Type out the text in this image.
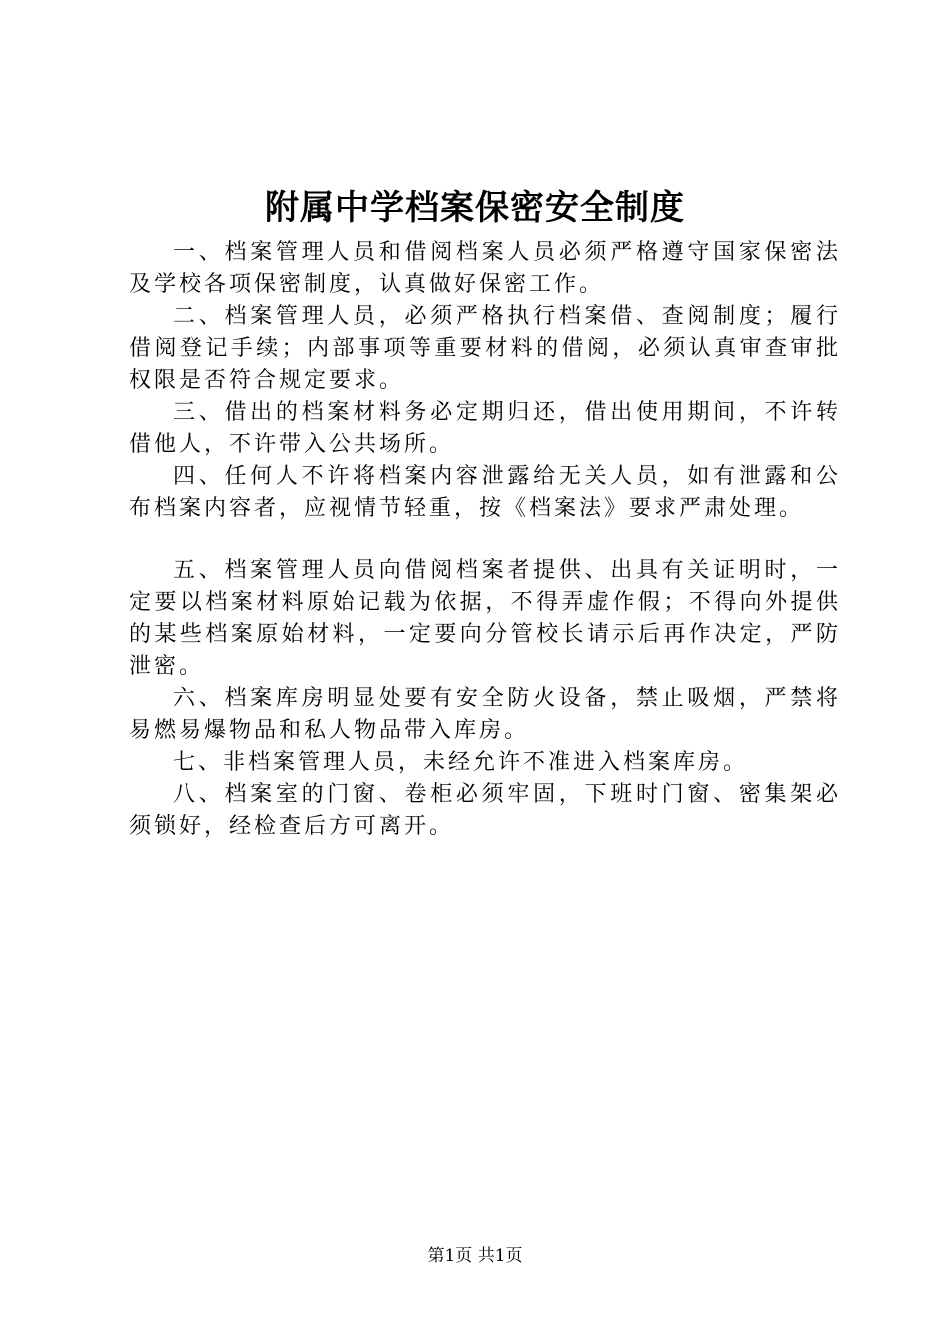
附属中学档案保密安全制度

一、档案管理人员和借阅档案人员必须严格遵守国家保密法及学校各项保密制度，认真做好保密工作。

二、档案管理人员，必须严格执行档案借、查阅制度；履行借阅登记手续；内部事项等重要材料的借阅，必须认真审查审批权限是否符合规定要求。

三、借出的档案材料务必定期归还，借出使用期间，不许转借他人，不许带入公共场所。

四、任何人不许将档案内容泄露给无关人员，如有泄露和公布档案内容者，应视情节轻重，按《档案法》要求严肃处理。

五、档案管理人员向借阅档案者提供、出具有关证明时，一定要以档案材料原始记载为依据，不得弄虚作假；不得向外提供的某些档案原始材料，一定要向分管校长请示后再作决定，严防泄密。

六、档案库房明显处要有安全防火设备，禁止吸烟，严禁将易燃易爆物品和私人物品带入库房。

七、非档案管理人员，未经允许不准进入档案库房。

八、档案室的门窗、卷柜必须牢固，下班时门窗、密集架必须锁好，经检查后方可离开。

第1页 共1页
